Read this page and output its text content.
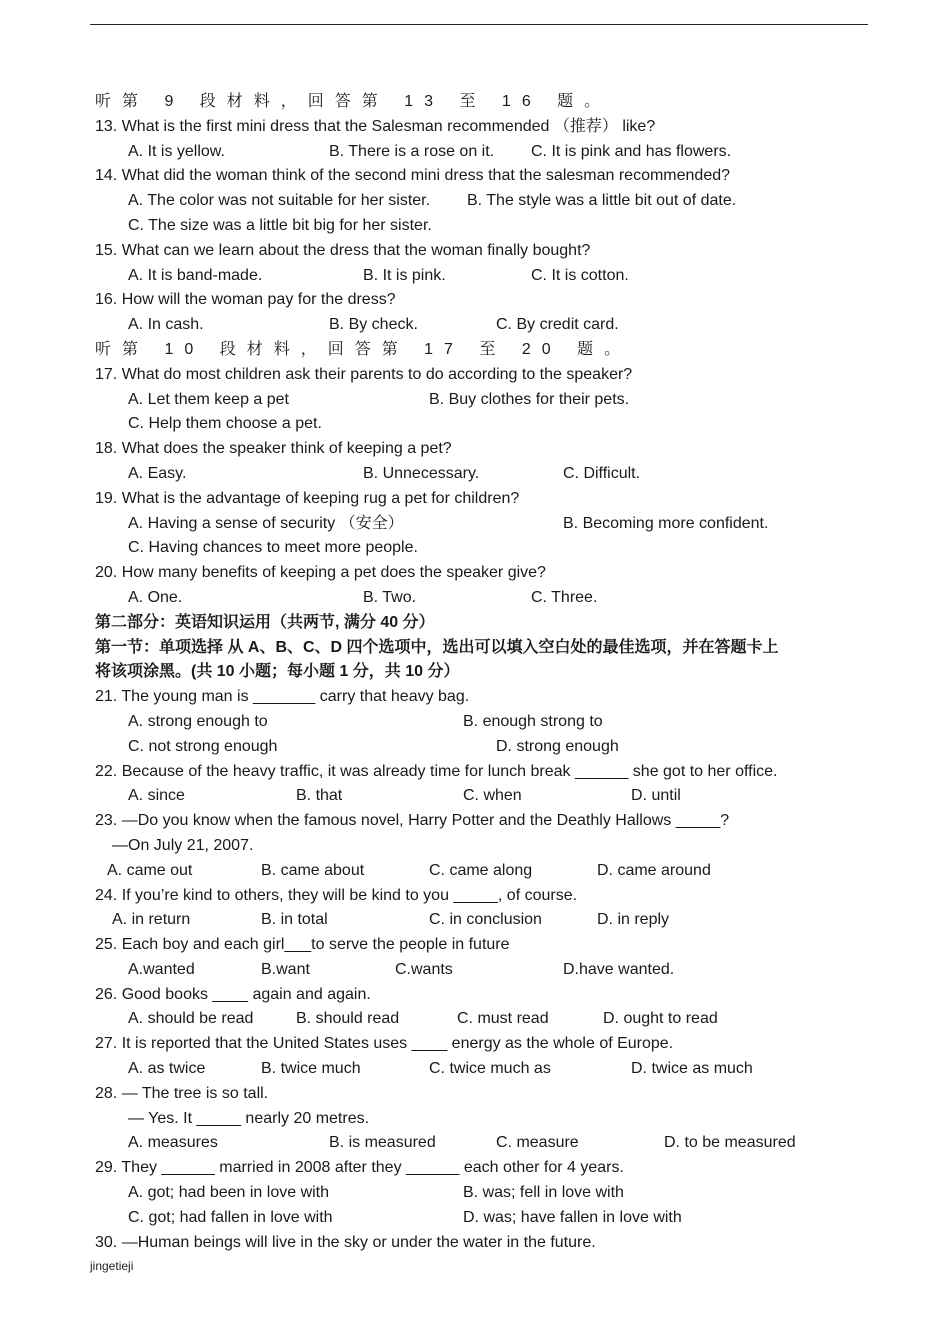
听第 9 段材料，回答第 13 至 16 题。
13. What is the first mini dress that the Salesman recommended （推荐） like?
A. It is yellow.	B. There is a rose on it. C. It is pink and has flowers.
14. What did the woman think of the second mini dress that the salesman recommended?
A. The color was not suitable for her sister. B. The style was a little bit out of date.
C. The size was a little bit big for her sister.
15. What can we learn about the dress that the woman finally bought?
A. It is band-made.	B. It is pink.	C. It is cotton.
16. How will the woman pay for the dress?
A. In cash.	B. By check.	C. By credit card.
听第 10 段材料，回答第 17 至 20 题。
17. What do most children ask their parents to do according to the speaker?
A. Let them keep a pet	B. Buy clothes for their pets.
C. Help them choose a pet.
18. What does the speaker think of keeping a pet?
A. Easy.	B. Unnecessary.	C. Difficult.
19. What is the advantage of keeping rug a pet for children?
A. Having a sense of security （安全）	B. Becoming more confident.
C. Having chances to meet more people.
20. How many benefits of keeping a pet does the speaker give?
A. One.	B. Two.	C. Three.
第二部分：英语知识运用（共两节, 满分 40 分）
第一节：单项选择 从 A、B、C、D 四个选项中，选出可以填入空白处的最佳选项，并在答题卡上
将该项涂黑。(共 10 小题；每小题 1 分，共 10 分）
21. The young man is _______ carry that heavy bag.
A. strong enough to	B. enough strong to
C. not strong enough	D. strong enough
22. Because of the heavy traffic, it was already time for lunch break ______ she got to her office.
A. since	B. that	C. when	D. until
23. —Do you know when the famous novel, Harry Potter and the Deathly Hallows _____?
—On July 21, 2007.
A. came out	B. came about	C. came along	D. came around
24. If you’re kind to others, they will be kind to you _____, of course.
A. in return	B. in total	C. in conclusion	D. in reply
25. Each boy and each girl___to serve the people in future
A.wanted	B.want	C.wants	D.have wanted.
26. Good books ____ again and again.
A. should be read	B. should read	C. must read	D. ought to read
27. It is reported that the United States uses ____ energy as the whole of Europe.
A. as twice	B. twice much	C. twice much as	D. twice as much
28. — The tree is so tall.
— Yes. It _____ nearly 20 metres.
A. measures	B. is measured	C. measure	D. to be measured
29. They ______ married in 2008 after they ______ each other for 4 years.
A. got; had been in love with	B. was; fell in love with
C. got; had fallen in love with	D. was; have fallen in love with
30. —Human beings will live in the sky or under the water in the future.
jingetieji
